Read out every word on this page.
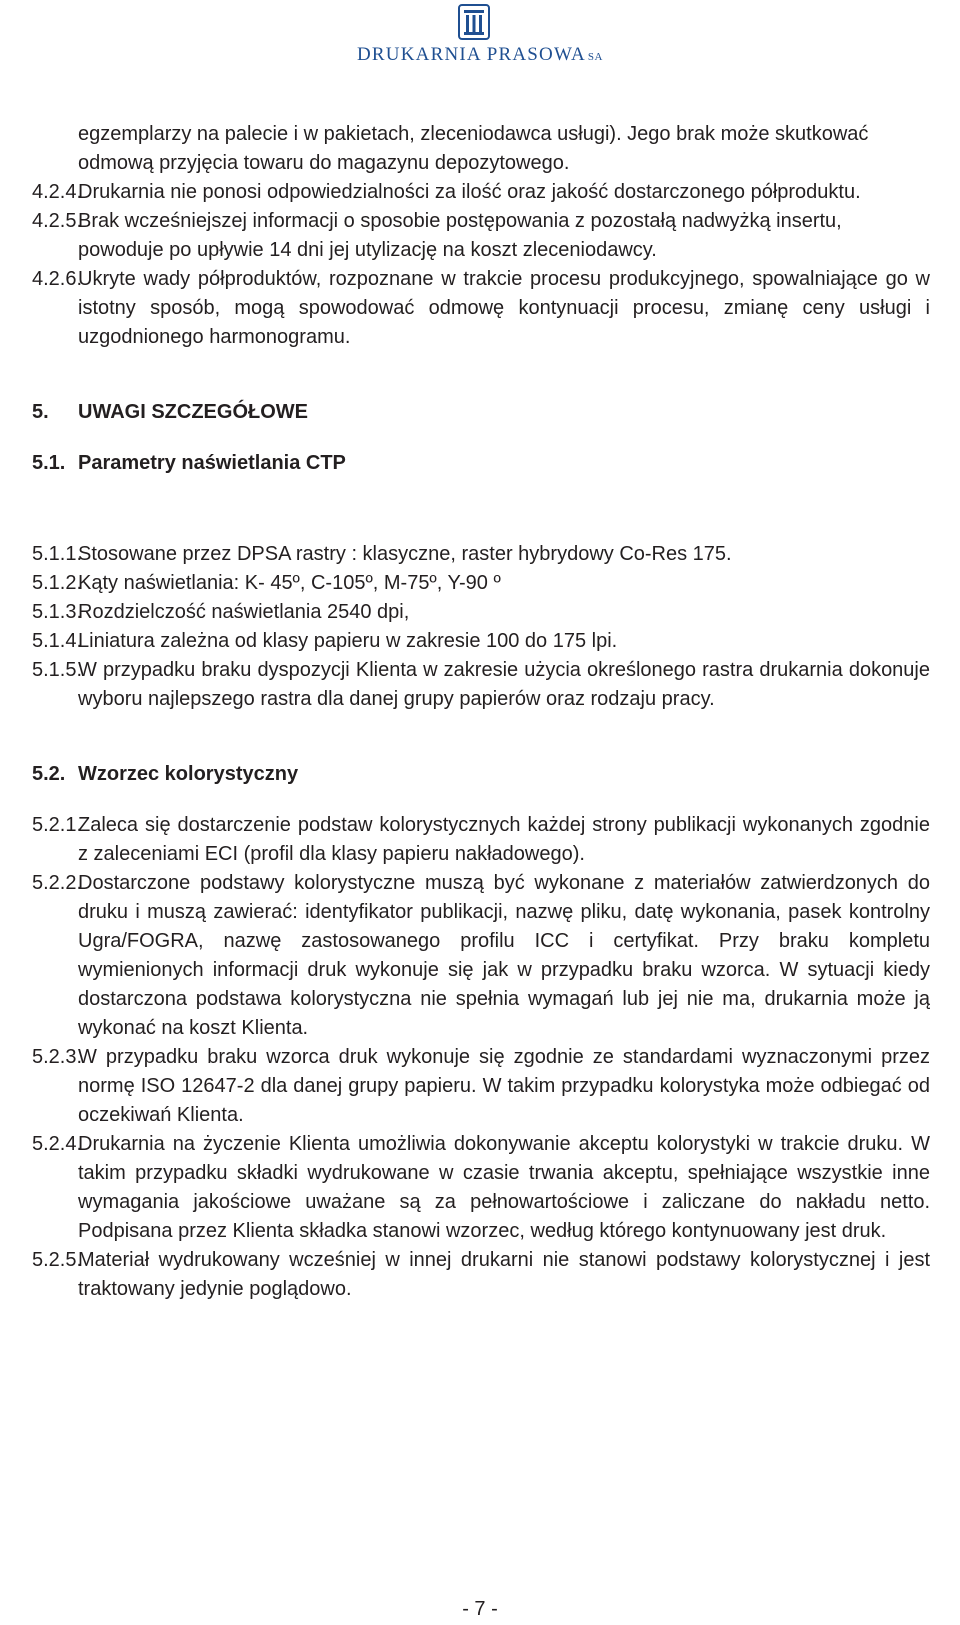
DRUKARNIA PRASOWA SA
egzemplarzy na palecie i w pakietach, zleceniodawca usługi). Jego brak może skutkować odmową przyjęcia towaru do magazynu depozytowego.
4.2.4.
Drukarnia nie ponosi odpowiedzialności za ilość oraz jakość dostarczonego półproduktu.
4.2.5.
Brak wcześniejszej informacji o sposobie postępowania z pozostałą nadwyżką insertu, powoduje po upływie 14 dni jej utylizację na koszt zleceniodawcy.
4.2.6.
Ukryte wady półproduktów, rozpoznane w trakcie procesu produkcyjnego, spowalniające go w istotny sposób, mogą spowodować odmowę kontynuacji procesu, zmianę ceny usługi i uzgodnionego harmonogramu.
5.	UWAGI SZCZEGÓŁOWE
5.1. Parametry naświetlania CTP
5.1.1.
Stosowane przez DPSA rastry : klasyczne, raster hybrydowy Co-Res 175.
5.1.2.
Kąty naświetlania: K- 45º, C-105º, M-75º, Y-90 º
5.1.3.
Rozdzielczość naświetlania 2540 dpi,
5.1.4.
Liniatura zależna od klasy papieru w zakresie 100 do 175 lpi.
5.1.5.
W przypadku braku dyspozycji Klienta w zakresie użycia określonego rastra drukarnia dokonuje wyboru najlepszego rastra dla danej grupy papierów oraz rodzaju pracy.
5.2. Wzorzec kolorystyczny
5.2.1.
Zaleca się dostarczenie podstaw kolorystycznych każdej strony publikacji wykonanych zgodnie z zaleceniami ECI (profil dla klasy papieru nakładowego).
5.2.2.
Dostarczone podstawy kolorystyczne muszą być wykonane z materiałów zatwierdzonych do druku i muszą zawierać: identyfikator publikacji, nazwę pliku, datę wykonania, pasek kontrolny Ugra/FOGRA, nazwę zastosowanego profilu ICC i certyfikat. Przy braku kompletu wymienionych informacji druk wykonuje się jak w przypadku braku wzorca. W sytuacji kiedy dostarczona podstawa kolorystyczna nie spełnia wymagań lub jej nie ma, drukarnia może ją wykonać na koszt Klienta.
5.2.3.
W przypadku braku wzorca druk wykonuje się zgodnie ze standardami wyznaczonymi przez normę ISO 12647-2 dla danej grupy papieru. W takim przypadku kolorystyka może odbiegać od oczekiwań Klienta.
5.2.4.
Drukarnia na życzenie Klienta umożliwia dokonywanie akceptu kolorystyki w trakcie druku. W takim przypadku składki wydrukowane w czasie trwania akceptu, spełniające wszystkie inne wymagania jakościowe uważane są za pełnowartościowe i zaliczane do nakładu netto. Podpisana przez Klienta składka stanowi wzorzec, według którego kontynuowany jest druk.
5.2.5.
Materiał wydrukowany wcześniej w innej drukarni nie stanowi podstawy kolorystycznej i jest traktowany jedynie poglądowo.
- 7 -
